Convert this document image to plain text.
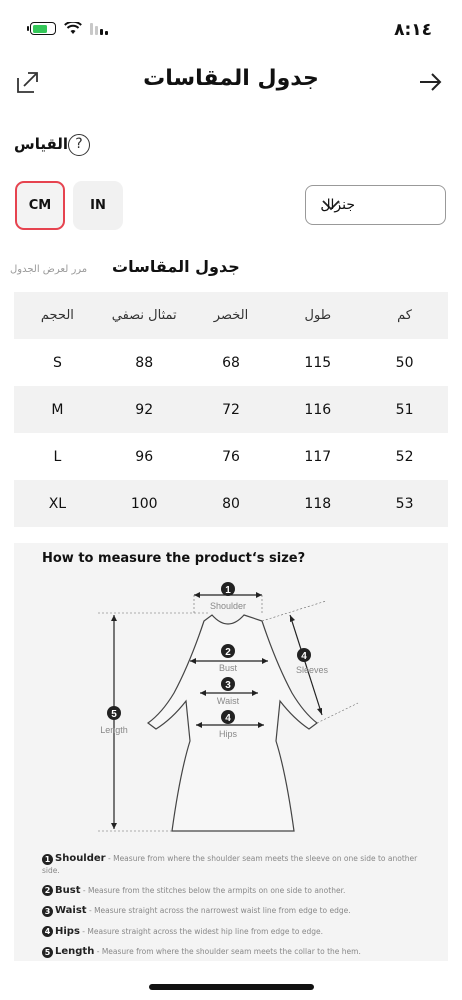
٨:١٤
جدول المقاسات
القياس ?
CM	IN	جنزال
مرر لعرض الجدول جدول المقاسات
الحجم	تمثال نصفي	الخصر	طول	كم
S	88	68	115	50
M	92	72	116	51
L	96	76	117	52
XL	100	80	118	53
How to measure the product‘s size?
1
2
3
4
5
4
Shoulder
Bust
Waist
Hips
Length
Sleeves
1 Shoulder - Measure from where the shoulder seam meets the sleeve on one side to another side.
2 Bust - Measure from the stitches below the armpits on one side to another.
3 Waist - Measure straight across the narrowest waist line from edge to edge.
4 Hips - Measure straight across the widest hip line from edge to edge.
5 Length - Measure from where the shoulder seam meets the collar to the hem.
